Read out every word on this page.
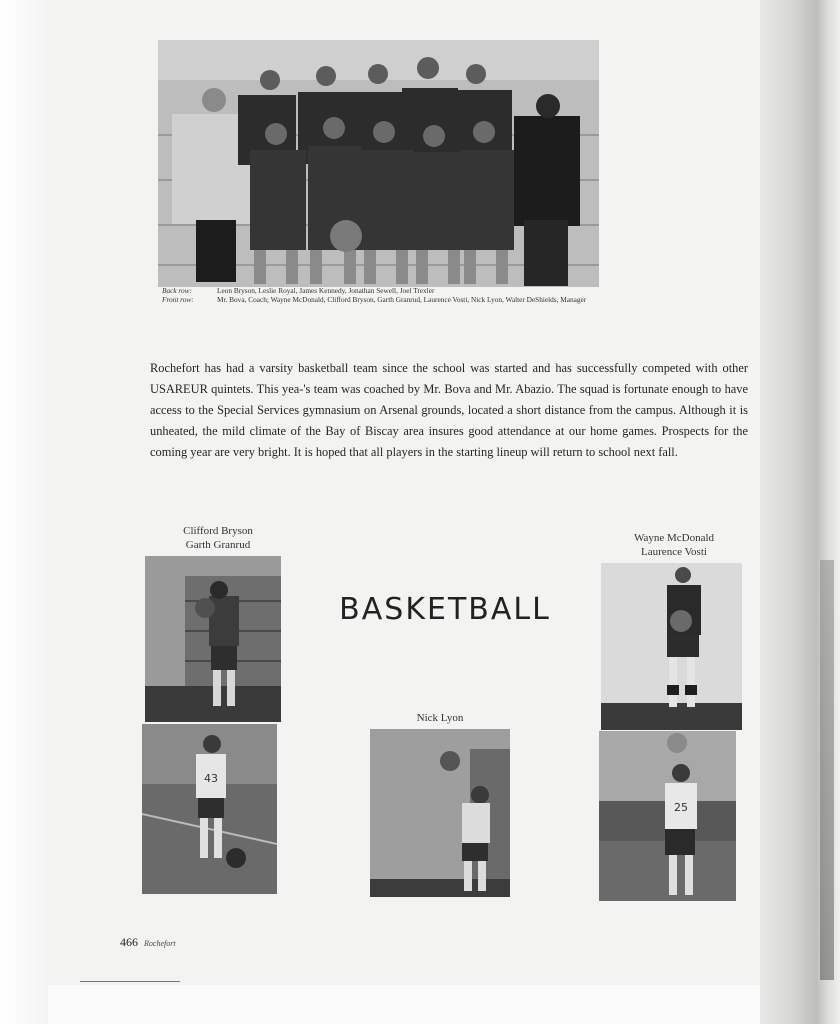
Back row:	Leon Bryson, Leslie Royal, James Kennedy, Jonathan Sewell, Joel Trexler
Front row:	Mr. Bova, Coach; Wayne McDonald, Clifford Bryson, Garth Granrud, Laurence Vosti, Nick Lyon, Walter DeShields, Manager
Rochefort has had a varsity basketball team since the school was started and has successfully competed with other USAREUR quintets. This yea-'s team was coached by Mr. Bova and Mr. Abazio. The squad is fortunate enough to have access to the Special Services gymnasium on Arsenal grounds, located a short distance from the campus. Although it is unheated, the mild climate of the Bay of Biscay area insures good attendance at our home games. Prospects for the coming year are very bright. It is hoped that all players in the starting lineup will return to school next fall.
Clifford Bryson
Garth Granrud
Wayne McDonald
Laurence Vosti
BASKETBALL
Nick Lyon
43
25
466 Rochefort
